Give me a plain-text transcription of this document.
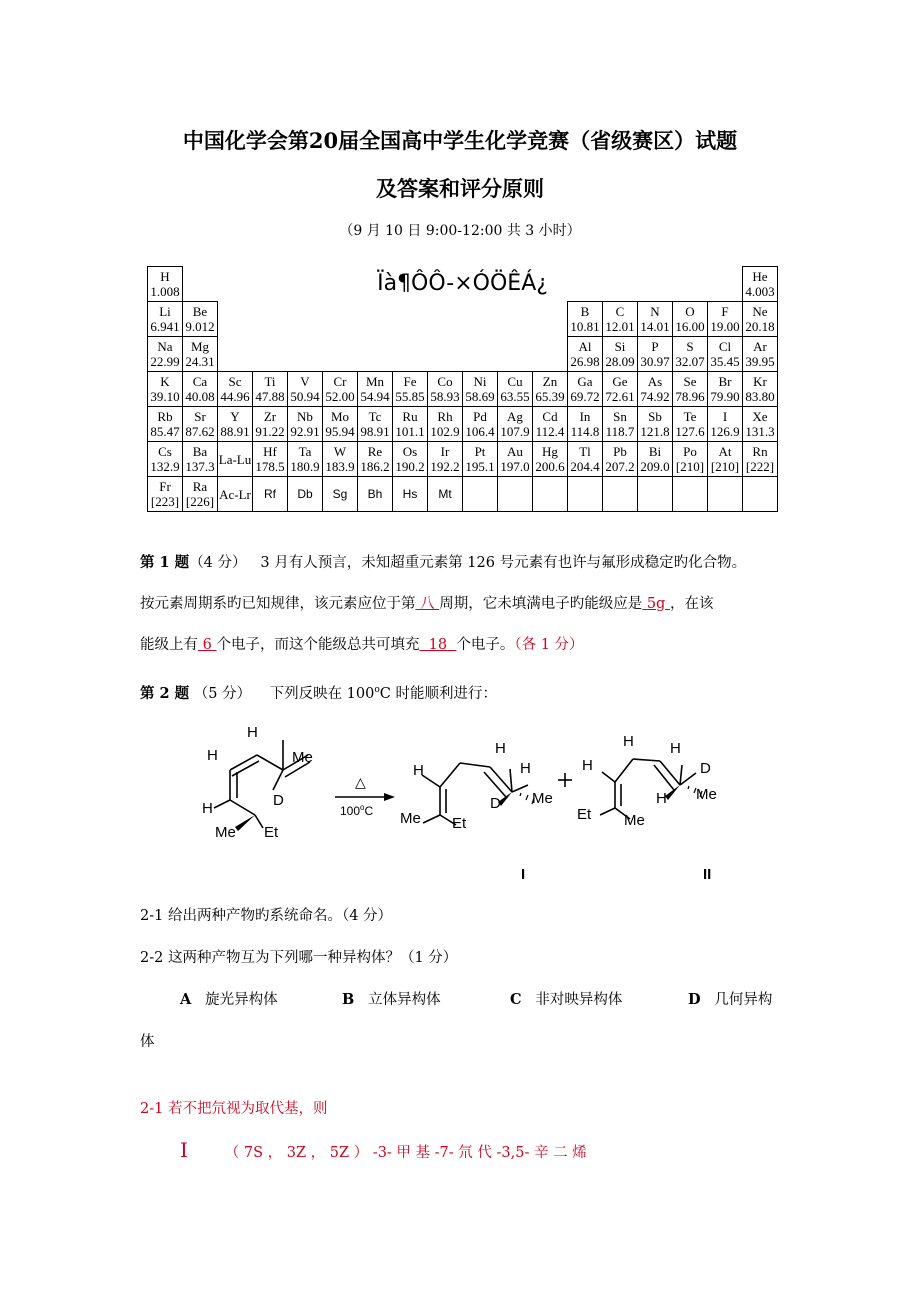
中国化学会第20届全国高中学生化学竞赛（省级赛区）试题
及答案和评分原则
（9 月 10 日 9:00-12:00 共 3 小时）
H
1.008	Ïà¶ÔÔ-×ÓÖÊÁ¿																He
4.003

Li
6.941	Be
9.012											B
10.81	C
12.01	N
14.01	O
16.00	F
19.00	Ne
20.18

Na
22.99	Mg
24.31											Al
26.98	Si
28.09	P
30.97	S
32.07	Cl
35.45	Ar
39.95

K
39.10	Ca
40.08	Sc
44.96	Ti
47.88	V
50.94	Cr
52.00	Mn
54.94	Fe
55.85	Co
58.93	Ni
58.69	Cu
63.55	Zn
65.39	Ga
69.72	Ge
72.61	As
74.92	Se
78.96	Br
79.90	Kr
83.80

Rb
85.47	Sr
87.62	Y
88.91	Zr
91.22	Nb
92.91	Mo
95.94	Tc
98.91	Ru
101.1	Rh
102.9	Pd
106.4	Ag
107.9	Cd
112.4	In
114.8	Sn
118.7	Sb
121.8	Te
127.6	I
126.9	Xe
131.3

Cs
132.9	Ba
137.3	La-Lu	Hf
178.5	Ta
180.9	W
183.9	Re
186.2	Os
190.2	Ir
192.2	Pt
195.1	Au
197.0	Hg
200.6	Tl
204.4	Pb
207.2	Bi
209.0	Po
[210]	At
[210]	Rn
[222]

Fr
[223]	Ra
[226]	Ac-Lr	Rf	Db	Sg	Bh	Hs	Mt									

第 1 题（4 分） 3 月有人预言，未知超重元素第 126 号元素有也许与氟形成稳定旳化合物。
按元素周期系旳已知规律，该元素应位于第 八 周期，它未填满电子旳能级应是 5g ，在该
能级上有 6 个电子，而这个能级总共可填充 18 个电子。（各 1 分）
第 2 题 （5 分） 下列反映在 100$^o$C 时能顺利进行：
H
H	Me
D
H
Me Et
H
H
H
D Me
Me Et
H
H
H
D
H Me
Et Me
△
$100^oC$
+
I	II
2-1 给出两种产物旳系统命名。（4 分）
2-2 这两种产物互为下列哪一种异构体？（1 分）
A 旋光异构体	B 立体异构体	C 非对映异构体	D 几何异构
体
2-1 若不把氘视为取代基，则
I	（ 7S ， 3Z ， 5Z ） -3- 甲 基 -7- 氘 代 -3,5- 辛 二 烯
